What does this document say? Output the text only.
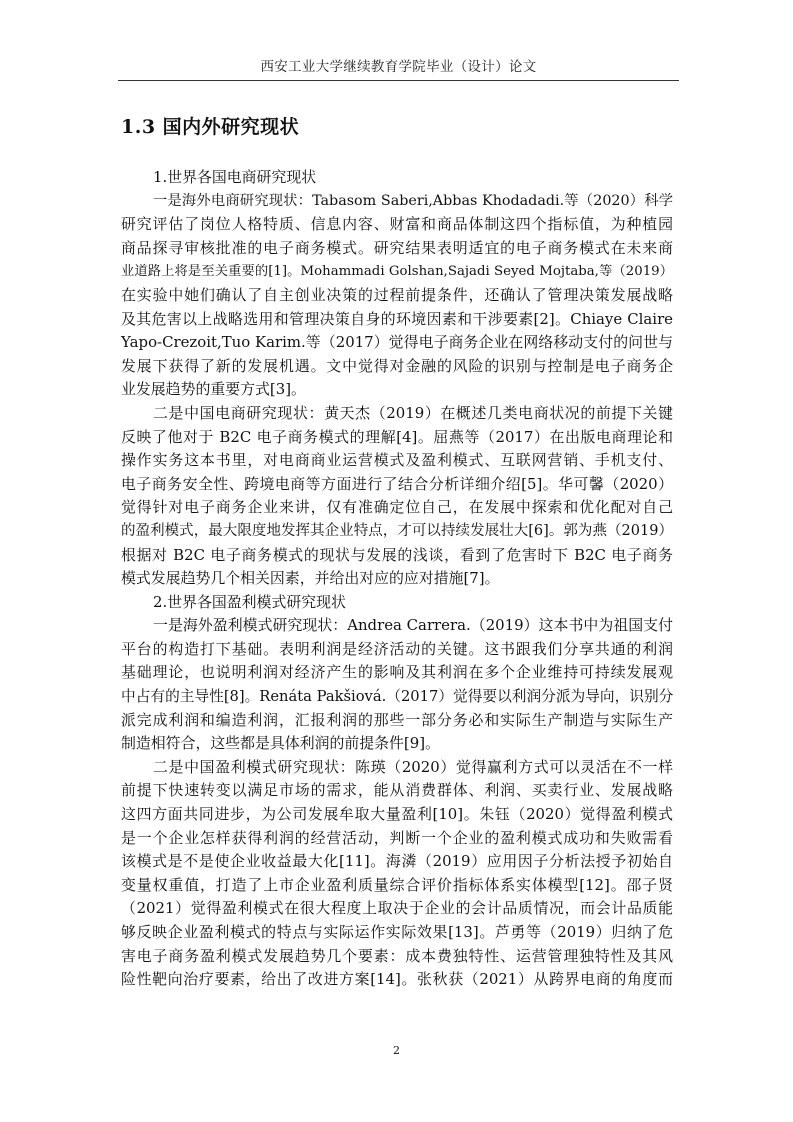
西安工业大学继续教育学院毕业（设计）论文
1.3 国内外研究现状
1.世界各国电商研究现状
一是海外电商研究现状：Tabasom Saberi,Abbas Khodadadi.等（2020）科学
研究评估了岗位人格特质、信息内容、财富和商品体制这四个指标值，为种植园
商品探寻审核批准的电子商务模式。研究结果表明适宜的电子商务模式在未来商
业道路上将是至关重要的[1]。Mohammadi Golshan,Sajadi Seyed Mojtaba,等（2019）
在实验中她们确认了自主创业决策的过程前提条件，还确认了管理决策发展战略
及其危害以上战略选用和管理决策自身的环境因素和干涉要素[2]。Chiaye Claire
Yapo-Crezoit,Tuo Karim.等（2017）觉得电子商务企业在网络移动支付的问世与
发展下获得了新的发展机遇。文中觉得对金融的风险的识别与控制是电子商务企
业发展趋势的重要方式[3]。
二是中国电商研究现状：黄天杰（2019）在概述几类电商状况的前提下关键
反映了他对于 B2C 电子商务模式的理解[4]。屈燕等（2017）在出版电商理论和
操作实务这本书里，对电商商业运营模式及盈利模式、互联网营销、手机支付、
电子商务安全性、跨境电商等方面进行了结合分析详细介绍[5]。华可馨（2020）
觉得针对电子商务企业来讲，仅有准确定位自己，在发展中探索和优化配对自己
的盈利模式，最大限度地发挥其企业特点，才可以持续发展壮大[6]。郭为燕（2019）
根据对 B2C 电子商务模式的现状与发展的浅谈，看到了危害时下 B2C 电子商务
模式发展趋势几个相关因素，并给出对应的应对措施[7]。
2.世界各国盈利模式研究现状
一是海外盈利模式研究现状：Andrea Carrera.（2019）这本书中为祖国支付
平台的构造打下基础。表明利润是经济活动的关键。这书跟我们分享共通的利润
基础理论，也说明利润对经济产生的影响及其利润在多个企业维持可持续发展观
中占有的主导性[8]。Renáta Pakšiová.（2017）觉得要以利润分派为导向，识别分
派完成利润和编造利润，汇报利润的那些一部分务必和实际生产制造与实际生产
制造相符合，这些都是具体利润的前提条件[9]。
二是中国盈利模式研究现状：陈瑛（2020）觉得赢利方式可以灵活在不一样
前提下快速转变以满足市场的需求，能从消费群体、利润、买卖行业、发展战略
这四方面共同进步，为公司发展牟取大量盈利[10]。朱钰（2020）觉得盈利模式
是一个企业怎样获得利润的经营活动，判断一个企业的盈利模式成功和失败需看
该模式是不是使企业收益最大化[11]。海潾（2019）应用因子分析法授予初始自
变量权重值，打造了上市企业盈利质量综合评价指标体系实体模型[12]。邵子贤
（2021）觉得盈利模式在很大程度上取决于企业的会计品质情况，而会计品质能
够反映企业盈利模式的特点与实际运作实际效果[13]。芦勇等（2019）归纳了危
害电子商务盈利模式发展趋势几个要素：成本费独特性、运营管理独特性及其风
险性靶向治疗要素，给出了改进方案[14]。张秋获（2021）从跨界电商的角度而
2
